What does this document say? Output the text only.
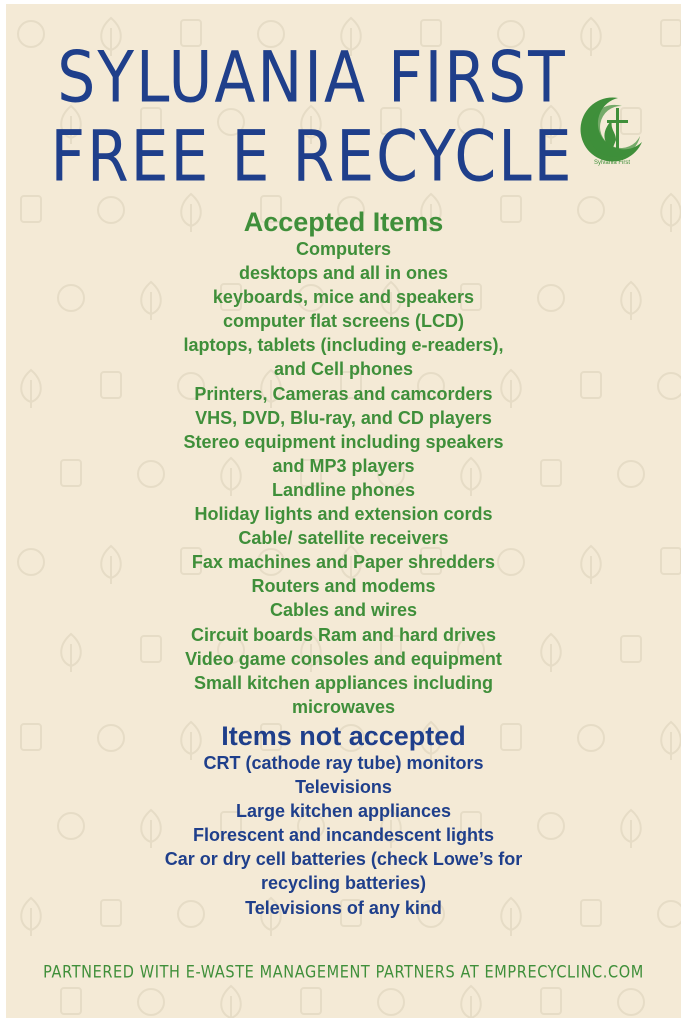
SYLUANIA FIRST
FREE E RECYCLE	Sylvania First
Accepted Items
Computers
desktops and all in ones
keyboards, mice and speakers
computer flat screens (LCD)
laptops, tablets (including e-readers),
and Cell phones
Printers, Cameras and camcorders
VHS, DVD, Blu-ray, and CD players
Stereo equipment including speakers
and MP3 players
Landline phones
Holiday lights and extension cords
Cable/ satellite receivers
Fax machines and Paper shredders
Routers and modems
Cables and wires
Circuit boards Ram and hard drives
Video game consoles and equipment
Small kitchen appliances including
microwaves
Items not accepted
CRT (cathode ray tube) monitors
Televisions
Large kitchen appliances
Florescent and incandescent lights
Car or dry cell batteries (check Lowe’s for
recycling batteries)
Televisions of any kind
PARTNERED WITH E-WASTE MANAGEMENT PARTNERS AT EMPRECYCLINC.COM
